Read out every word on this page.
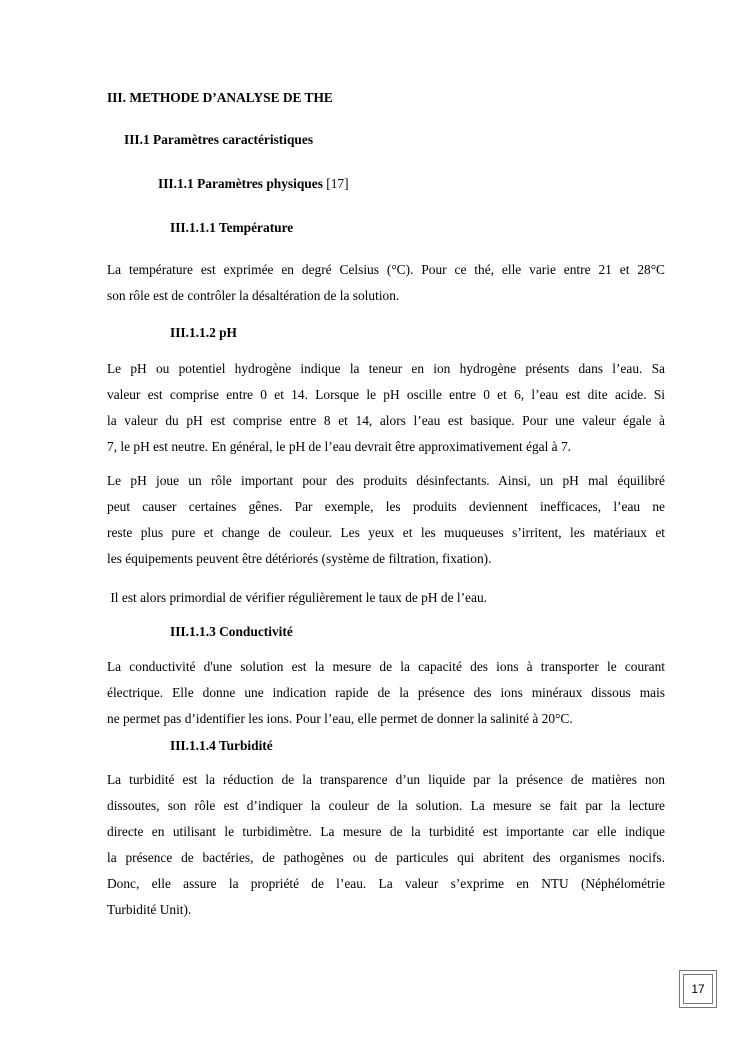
III. METHODE D’ANALYSE DE THE
III.1 Paramètres caractéristiques
III.1.1 Paramètres physiques [17]
III.1.1.1 Température
La température est exprimée en degré Celsius (°C). Pour ce thé, elle varie entre 21 et 28°C
son rôle est de contrôler la désaltération de la solution.
III.1.1.2 pH
Le pH ou potentiel hydrogène indique la teneur en ion hydrogène présents dans l’eau. Sa
valeur est comprise entre 0 et 14. Lorsque le pH oscille entre 0 et 6, l’eau est dite acide. Si
la valeur du pH est comprise entre 8 et 14, alors l’eau est basique. Pour une valeur égale à
7, le pH est neutre. En général, le pH de l’eau devrait être approximativement égal à 7.
Le pH joue un rôle important pour des produits désinfectants. Ainsi, un pH mal équilibré
peut causer certaines gênes. Par exemple, les produits deviennent inefficaces, l’eau ne
reste plus pure et change de couleur. Les yeux et les muqueuses s’irritent, les matériaux et
les équipements peuvent être détériorés (système de filtration, fixation).
Il est alors primordial de vérifier régulièrement le taux de pH de l’eau.
III.1.1.3 Conductivité
La conductivité d'une solution est la mesure de la capacité des ions à transporter le courant
électrique. Elle donne une indication rapide de la présence des ions minéraux dissous mais
ne permet pas d’identifier les ions. Pour l’eau, elle permet de donner la salinité à 20°C.
III.1.1.4 Turbidité
La turbidité est la réduction de la transparence d’un liquide par la présence de matières non
dissoutes, son rôle est d’indiquer la couleur de la solution. La mesure se fait par la lecture
directe en utilisant le turbidimètre. La mesure de la turbidité est importante car elle indique
la présence de bactéries, de pathogènes ou de particules qui abritent des organismes nocifs.
Donc, elle assure la propriété de l’eau. La valeur s’exprime en NTU (Néphélométrie
Turbidité Unit).
17
